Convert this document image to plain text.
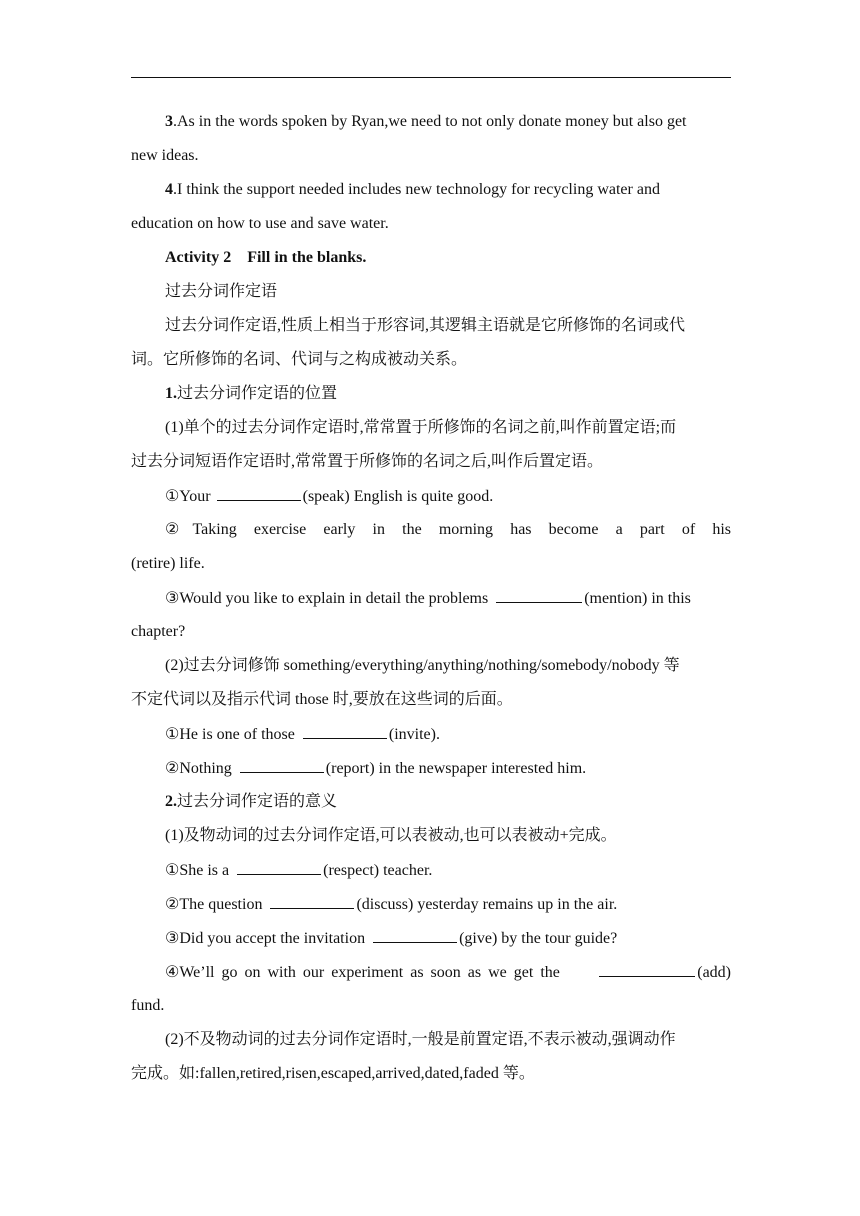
3.As in the words spoken by Ryan,we need to not only donate money but also get
new ideas.
4.I think the support needed includes new technology for recycling water and
education on how to use and save water.
Activity 2    Fill in the blanks.
过去分词作定语
过去分词作定语,性质上相当于形容词,其逻辑主语就是它所修饰的名词或代
词。它所修饰的名词、代词与之构成被动关系。
1.过去分词作定语的位置
(1)单个的过去分词作定语时,常常置于所修饰的名词之前,叫作前置定语;而
过去分词短语作定语时,常常置于所修饰的名词之后,叫作后置定语。
①Your	(speak) English is quite good.
②Taking exercise early in the morning has become a part of his
(retire) life.
③Would you like to explain in detail the problems	(mention) in this
chapter?
(2)过去分词修饰 something/everything/anything/nothing/somebody/nobody 等
不定代词以及指示代词 those 时,要放在这些词的后面。
①He is one of those	(invite).
②Nothing	(report) in the newspaper interested him.
2.过去分词作定语的意义
(1)及物动词的过去分词作定语,可以表被动,也可以表被动+完成。
①She is a	(respect) teacher.
②The question	(discuss) yesterday remains up in the air.
③Did you accept the invitation	(give) by the tour guide?
④We’ll go on with our experiment as soon as we get the	(add)
fund.
(2)不及物动词的过去分词作定语时,一般是前置定语,不表示被动,强调动作
完成。如:fallen,retired,risen,escaped,arrived,dated,faded 等。
